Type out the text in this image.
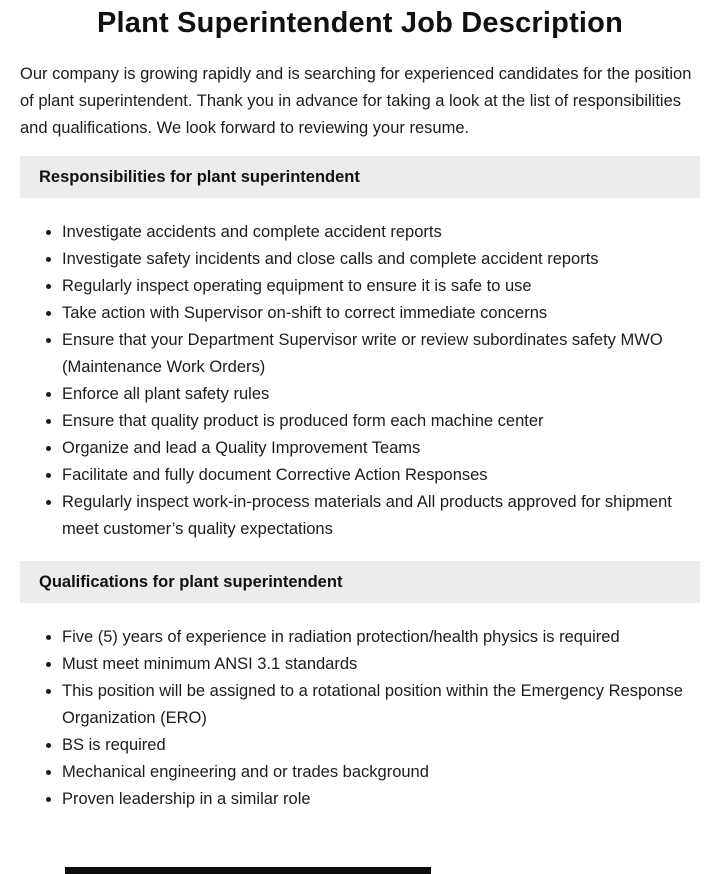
Plant Superintendent Job Description

Our company is growing rapidly and is searching for experienced candidates for the position of plant superintendent. Thank you in advance for taking a look at the list of responsibilities and qualifications. We look forward to reviewing your resume.

Responsibilities for plant superintendent
• Investigate accidents and complete accident reports
• Investigate safety incidents and close calls and complete accident reports
• Regularly inspect operating equipment to ensure it is safe to use
• Take action with Supervisor on-shift to correct immediate concerns
• Ensure that your Department Supervisor write or review subordinates safety MWO (Maintenance Work Orders)
• Enforce all plant safety rules
• Ensure that quality product is produced form each machine center
• Organize and lead a Quality Improvement Teams
• Facilitate and fully document Corrective Action Responses
• Regularly inspect work-in-process materials and All products approved for shipment meet customer’s quality expectations
Qualifications for plant superintendent
• Five (5) years of experience in radiation protection/health physics is required
• Must meet minimum ANSI 3.1 standards
• This position will be assigned to a rotational position within the Emergency Response Organization (ERO)
• BS is required
• Mechanical engineering and or trades background
• Proven leadership in a similar role
